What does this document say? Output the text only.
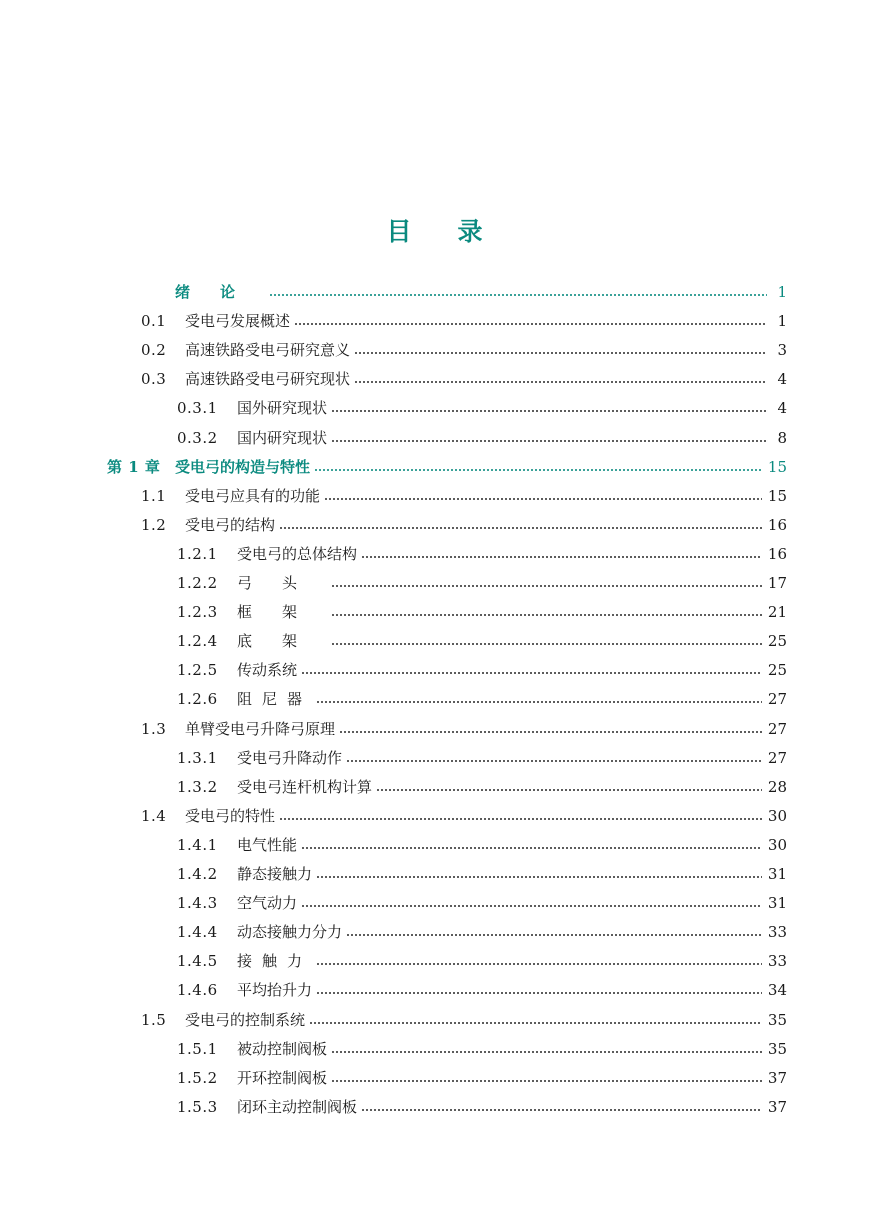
目录
绪论	1
0.1	受电弓发展概述	1
0.2	高速铁路受电弓研究意义	3
0.3	高速铁路受电弓研究现状	4
0.3.1	国外研究现状	4
0.3.2	国内研究现状	8
第 1 章 受电弓的构造与特性	15
1.1	受电弓应具有的功能	15
1.2	受电弓的结构	16
1.2.1	受电弓的总体结构	16
1.2.2	弓头	17
1.2.3	框架	21
1.2.4	底架	25
1.2.5	传动系统	25
1.2.6	阻尼器	27
1.3	单臂受电弓升降弓原理	27
1.3.1	受电弓升降动作	27
1.3.2	受电弓连杆机构计算	28
1.4	受电弓的特性	30
1.4.1	电气性能	30
1.4.2	静态接触力	31
1.4.3	空气动力	31
1.4.4	动态接触力分力	33
1.4.5	接触力	33
1.4.6	平均抬升力	34
1.5	受电弓的控制系统	35
1.5.1	被动控制阀板	35
1.5.2	开环控制阀板	37
1.5.3	闭环主动控制阀板	37
